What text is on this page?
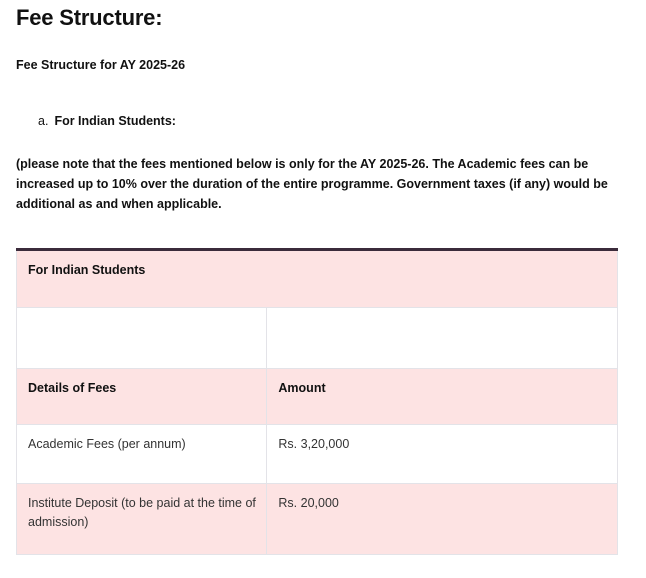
Fee Structure:

Fee Structure for AY 2025-26

a. For Indian Students:

(please note that the fees mentioned below is only for the AY 2025-26. The Academic fees can be increased up to 10% over the duration of the entire programme. Government taxes (if any) would be additional as and when applicable.

For Indian Students	

Details of Fees	Amount
Academic Fees (per annum)	Rs. 3,20,000
Institute Deposit (to be paid at the time of admission)	Rs. 20,000
